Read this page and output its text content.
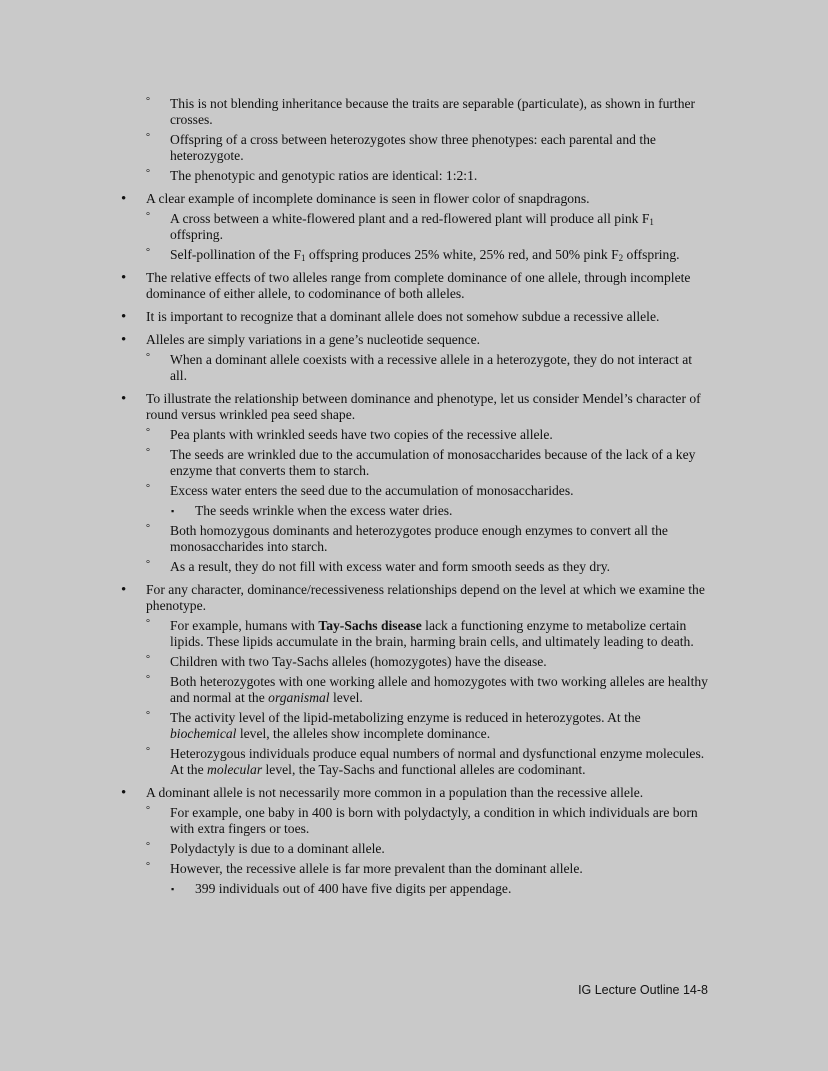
° This is not blending inheritance because the traits are separable (particulate), as shown in further crosses.
° Offspring of a cross between heterozygotes show three phenotypes: each parental and the heterozygote.
° The phenotypic and genotypic ratios are identical: 1:2:1.
• A clear example of incomplete dominance is seen in flower color of snapdragons.
° A cross between a white-flowered plant and a red-flowered plant will produce all pink $F_1$ offspring.
° Self-pollination of the $F_1$ offspring produces 25% white, 25% red, and 50% pink $F_2$ offspring.
• The relative effects of two alleles range from complete dominance of one allele, through incomplete dominance of either allele, to codominance of both alleles.
• It is important to recognize that a dominant allele does not somehow subdue a recessive allele.
• Alleles are simply variations in a gene’s nucleotide sequence.
° When a dominant allele coexists with a recessive allele in a heterozygote, they do not interact at all.
• To illustrate the relationship between dominance and phenotype, let us consider Mendel’s character of round versus wrinkled pea seed shape.
° Pea plants with wrinkled seeds have two copies of the recessive allele.
° The seeds are wrinkled due to the accumulation of monosaccharides because of the lack of a key enzyme that converts them to starch.
° Excess water enters the seed due to the accumulation of monosaccharides.
▪ The seeds wrinkle when the excess water dries.
° Both homozygous dominants and heterozygotes produce enough enzymes to convert all the monosaccharides into starch.
° As a result, they do not fill with excess water and form smooth seeds as they dry.
• For any character, dominance/recessiveness relationships depend on the level at which we examine the phenotype.
° For example, humans with Tay-Sachs disease lack a functioning enzyme to metabolize certain lipids. These lipids accumulate in the brain, harming brain cells, and ultimately leading to death.
° Children with two Tay-Sachs alleles (homozygotes) have the disease.
° Both heterozygotes with one working allele and homozygotes with two working alleles are healthy and normal at the organismal level.
° The activity level of the lipid-metabolizing enzyme is reduced in heterozygotes. At the biochemical level, the alleles show incomplete dominance.
° Heterozygous individuals produce equal numbers of normal and dysfunctional enzyme molecules. At the molecular level, the Tay-Sachs and functional alleles are codominant.
• A dominant allele is not necessarily more common in a population than the recessive allele.
° For example, one baby in 400 is born with polydactyly, a condition in which individuals are born with extra fingers or toes.
° Polydactyly is due to a dominant allele.
° However, the recessive allele is far more prevalent than the dominant allele.
▪ 399 individuals out of 400 have five digits per appendage.
IG Lecture Outline 14-8
